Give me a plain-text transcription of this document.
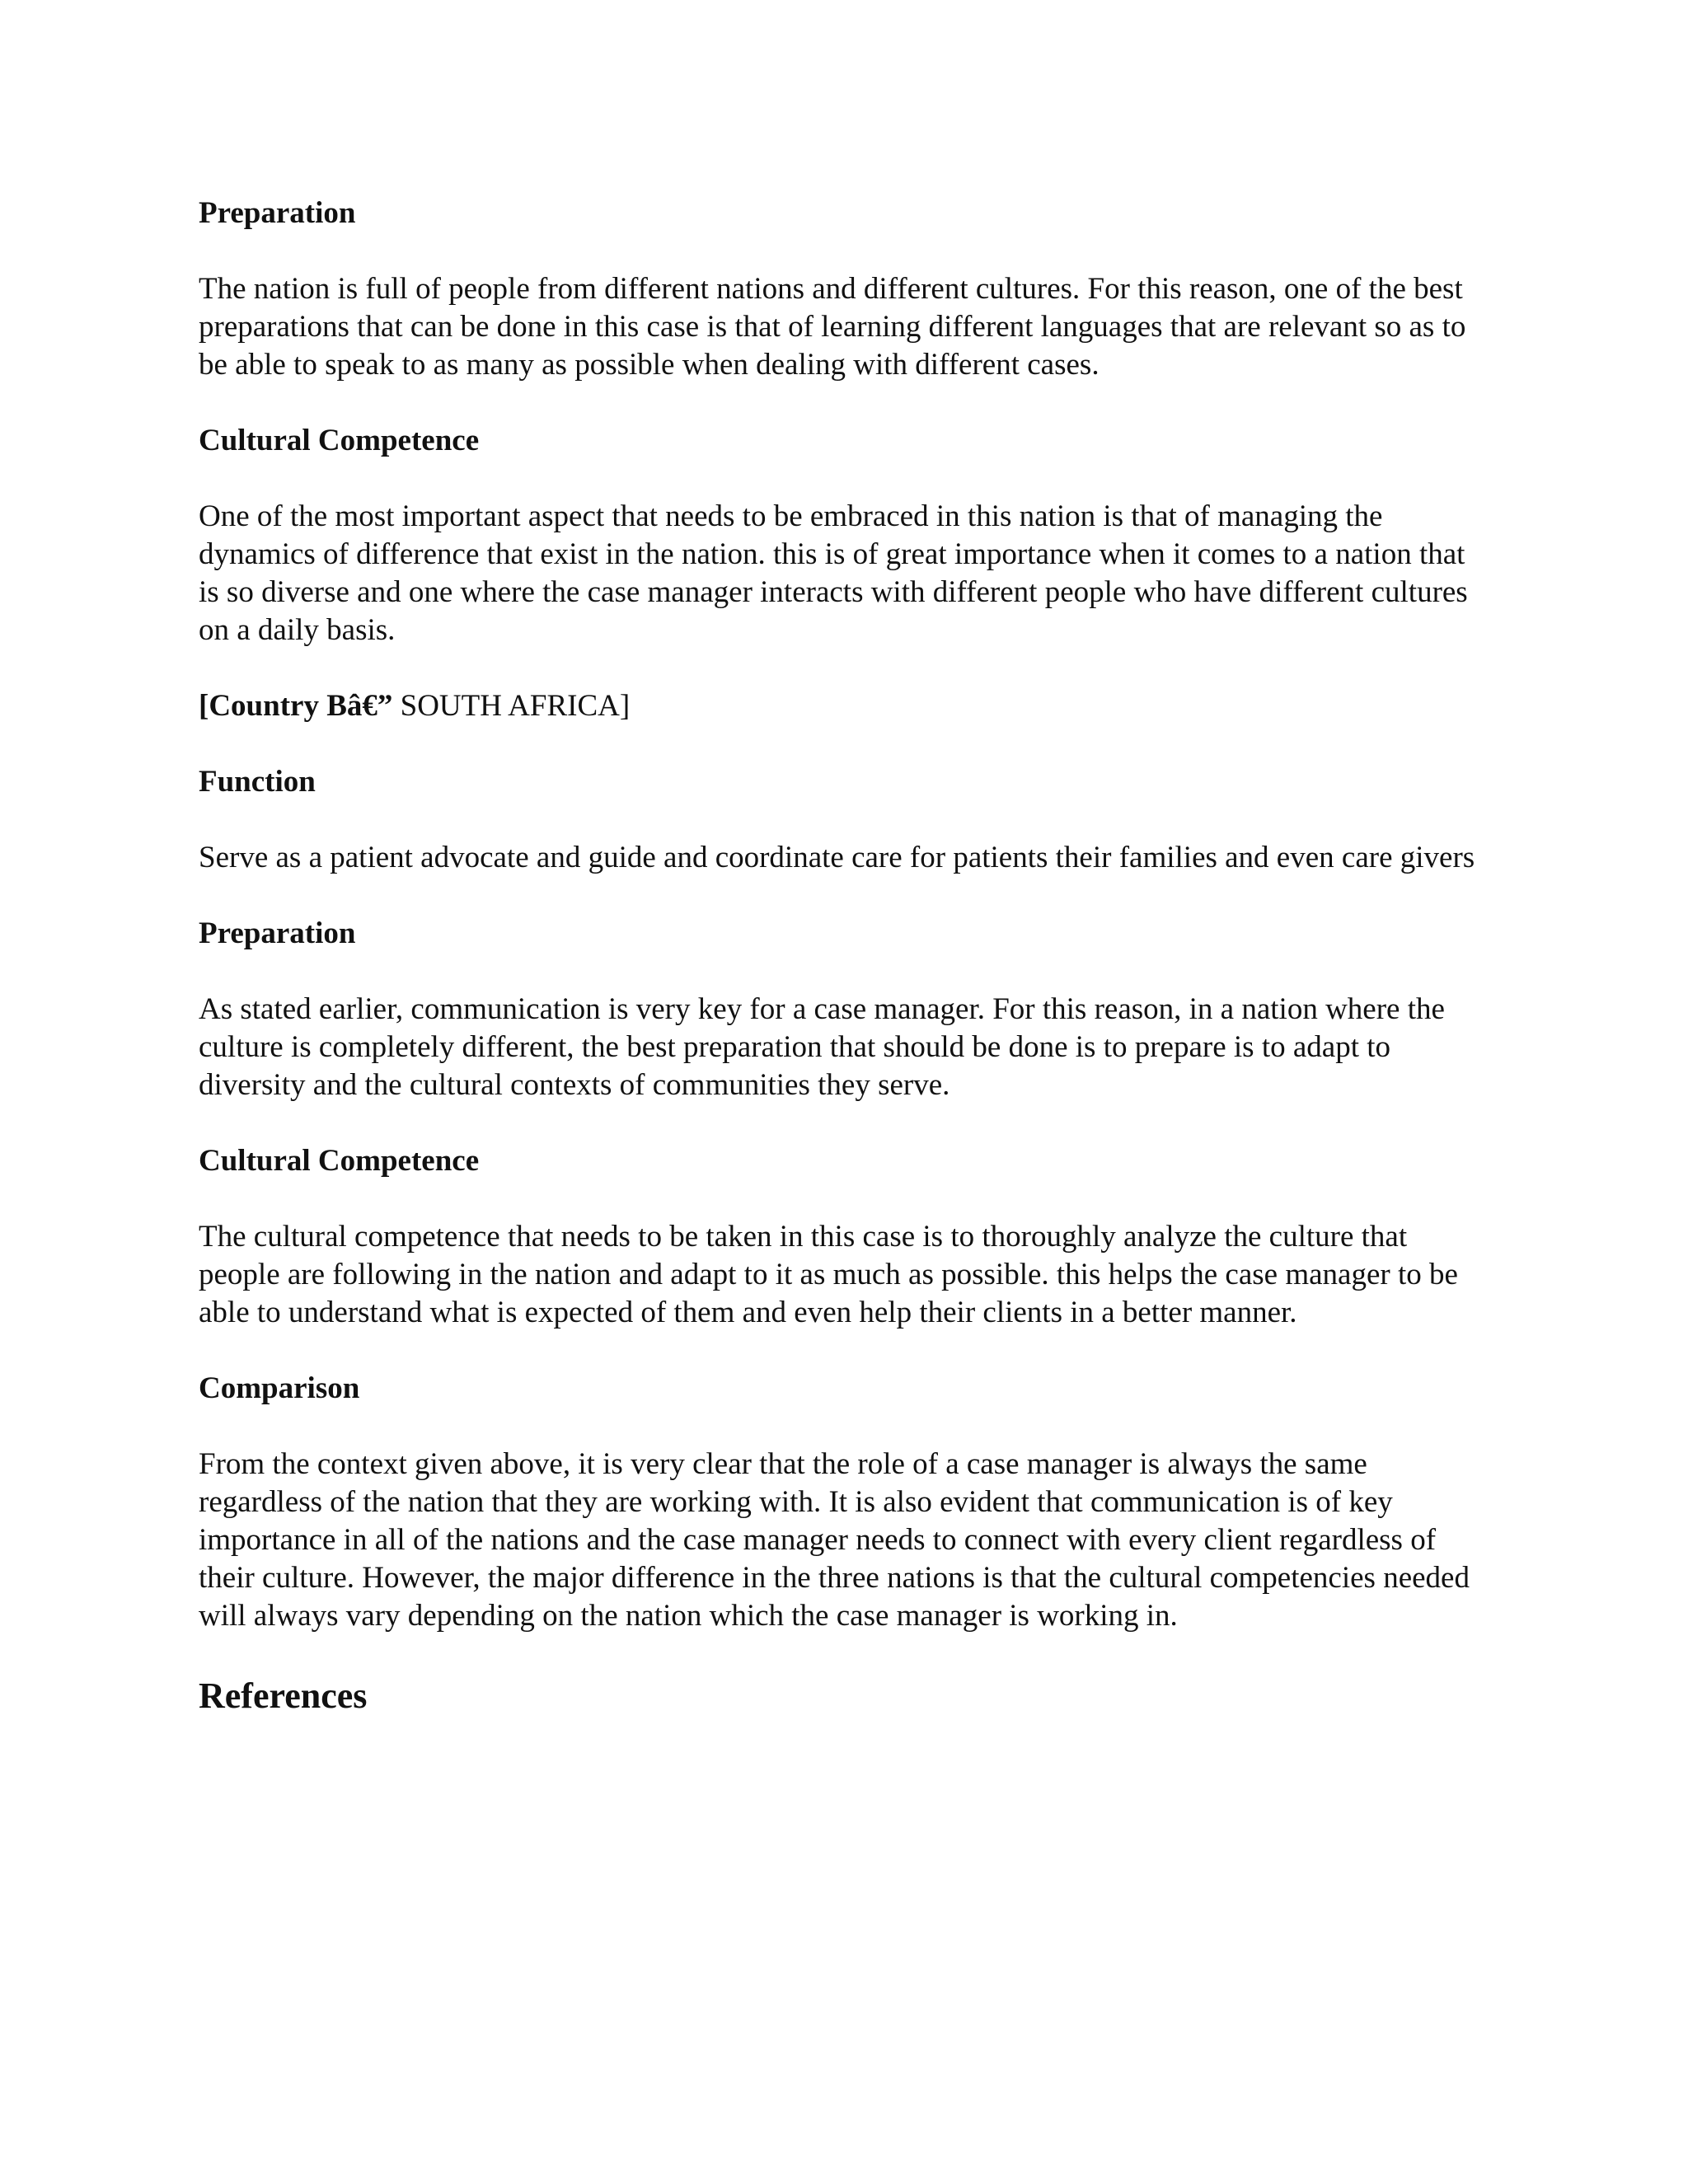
Preparation

The nation is full of people from different nations and different cultures. For this reason, one of the best preparations that can be done in this case is that of learning different languages that are relevant so as to be able to speak to as many as possible when dealing with different cases.

Cultural Competence

One of the most important aspect that needs to be embraced in this nation is that of managing the dynamics of difference that exist in the nation. this is of great importance when it comes to a nation that is so diverse and one where the case manager interacts with different people who have different cultures on a daily basis.

[Country Bâ€” SOUTH AFRICA]
Function

Serve as a patient advocate and guide and coordinate care for patients their families and even care givers

Preparation

As stated earlier, communication is very key for a case manager. For this reason, in a nation where the culture is completely different, the best preparation that should be done is to prepare is to adapt to diversity and the cultural contexts of communities they serve.

Cultural Competence

The cultural competence that needs to be taken in this case is to thoroughly analyze the culture that people are following in the nation and adapt to it as much as possible. this helps the case manager to be able to understand what is expected of them and even help their clients in a better manner.

Comparison

From the context given above, it is very clear that the role of a case manager is always the same regardless of the nation that they are working with. It is also evident that communication is of key importance in all of the nations and the case manager needs to connect with every client regardless of their culture. However, the major difference in the three nations is that the cultural competencies needed will always vary depending on the nation which the case manager is working in.

References
